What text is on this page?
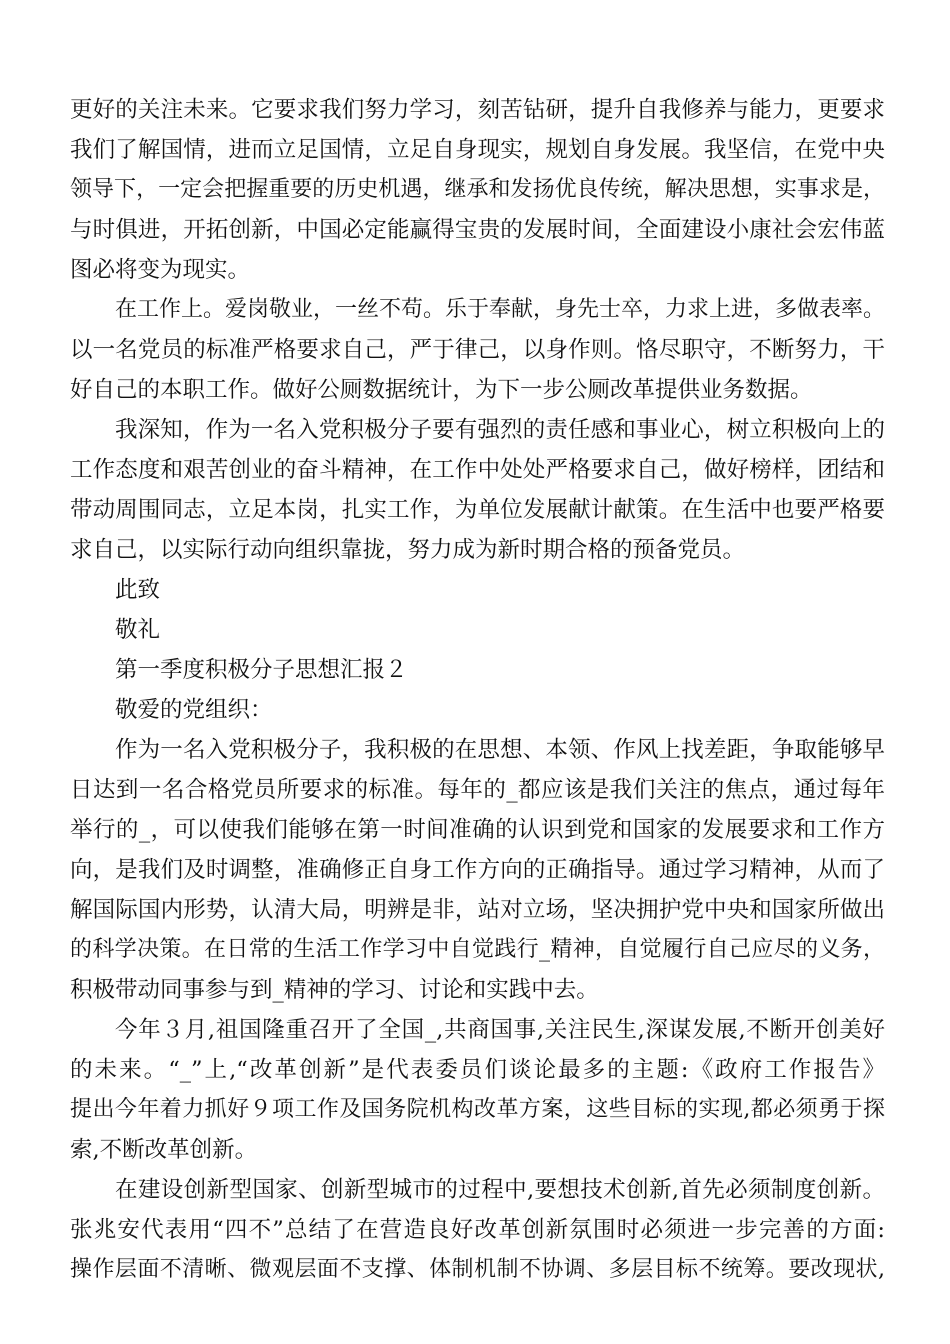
更好的关注未来。它要求我们努力学习，刻苦钻研，提升自我修养与能力，更要求
我们了解国情，进而立足国情，立足自身现实，规划自身发展。我坚信，在党中央
领导下，一定会把握重要的历史机遇，继承和发扬优良传统，解决思想，实事求是，
与时俱进，开拓创新，中国必定能赢得宝贵的发展时间，全面建设小康社会宏伟蓝
图必将变为现实。
在工作上。爱岗敬业，一丝不苟。乐于奉献，身先士卒，力求上进，多做表率。
以一名党员的标准严格要求自己，严于律己，以身作则。恪尽职守，不断努力，干
好自己的本职工作。做好公厕数据统计，为下一步公厕改革提供业务数据。
我深知，作为一名入党积极分子要有强烈的责任感和事业心，树立积极向上的
工作态度和艰苦创业的奋斗精神，在工作中处处严格要求自己，做好榜样，团结和
带动周围同志，立足本岗，扎实工作，为单位发展献计献策。在生活中也要严格要
求自己，以实际行动向组织靠拢，努力成为新时期合格的预备党员。
此致
敬礼
第一季度积极分子思想汇报２
敬爱的党组织：
作为一名入党积极分子，我积极的在思想、本领、作风上找差距，争取能够早
日达到一名合格党员所要求的标准。每年的_都应该是我们关注的焦点，通过每年
举行的_，可以使我们能够在第一时间准确的认识到党和国家的发展要求和工作方
向，是我们及时调整，准确修正自身工作方向的正确指导。通过学习精神，从而了
解国际国内形势，认清大局，明辨是非，站对立场，坚决拥护党中央和国家所做出
的科学决策。在日常的生活工作学习中自觉践行_精神，自觉履行自己应尽的义务，
积极带动同事参与到_精神的学习、讨论和实践中去。
今年３月,祖国隆重召开了全国_,共商国事,关注民生,深谋发展,不断开创美好
的未来。“_”上,“改革创新”是代表委员们谈论最多的主题:《政府工作报告》
提出今年着力抓好９项工作及国务院机构改革方案，这些目标的实现,都必须勇于探
索,不断改革创新。
在建设创新型国家、创新型城市的过程中,要想技术创新,首先必须制度创新。
张兆安代表用“四不”总结了在营造良好改革创新氛围时必须进一步完善的方面:
操作层面不清晰、微观层面不支撑、体制机制不协调、多层目标不统筹。要改现状,
